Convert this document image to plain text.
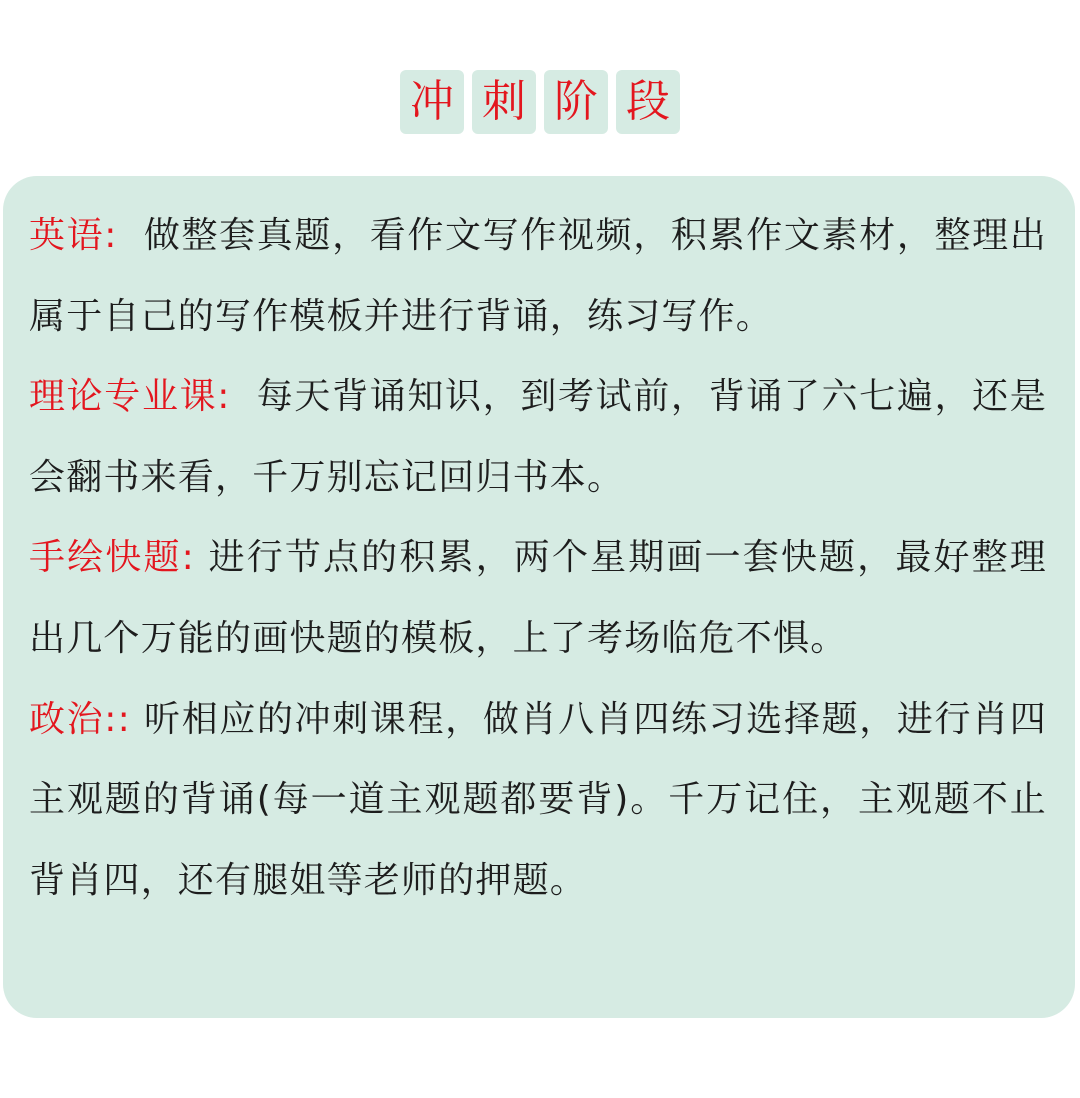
冲 刺 阶 段
英语: 做整套真题，看作文写作视频，积累作文素材，整理出属于自己的写作模板并进行背诵，练习写作。
理论专业课: 每天背诵知识，到考试前，背诵了六七遍，还是会翻书来看，千万别忘记回归书本。
手绘快题: 进行节点的积累，两个星期画一套快题，最好整理出几个万能的画快题的模板，上了考场临危不惧。
政治:: 听相应的冲刺课程，做肖八肖四练习选择题，进行肖四主观题的背诵(每一道主观题都要背)。千万记住，主观题不止背肖四，还有腿姐等老师的押题。
